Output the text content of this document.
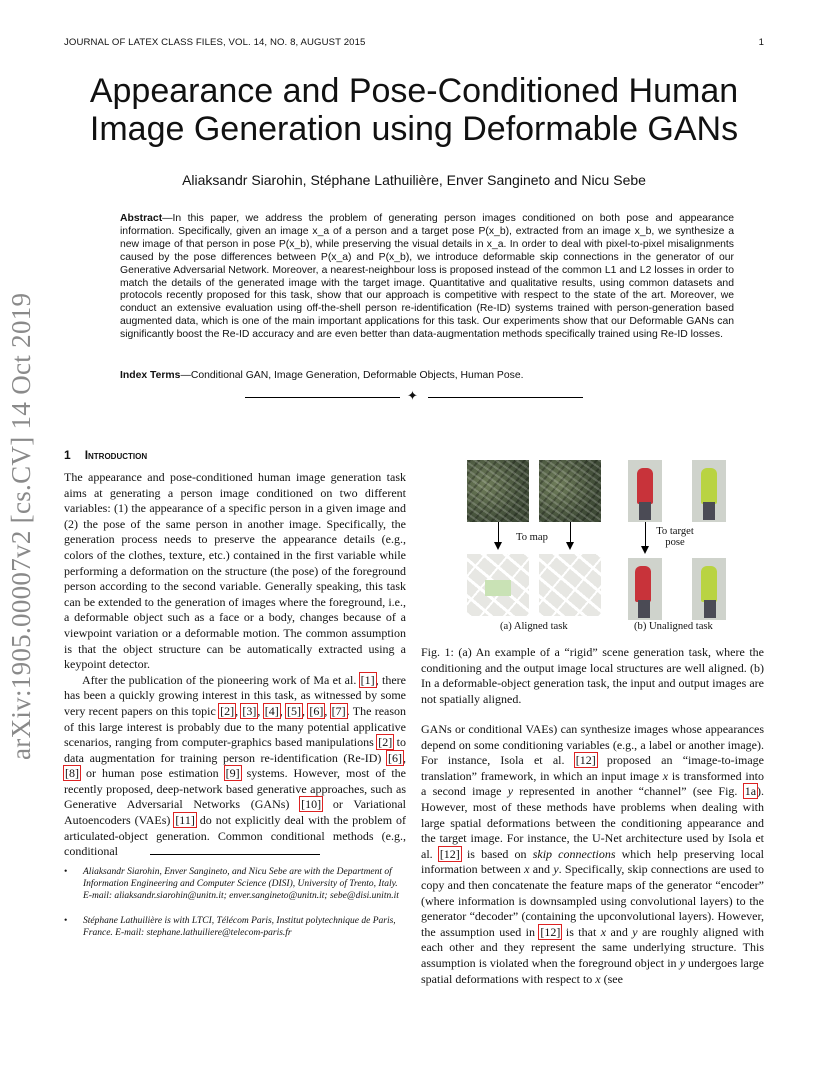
JOURNAL OF LATEX CLASS FILES, VOL. 14, NO. 8, AUGUST 2015	1
Appearance and Pose-Conditioned Human
Image Generation using Deformable GANs
Aliaksandr Siarohin, Stéphane Lathuilière, Enver Sangineto and Nicu Sebe
Abstract—In this paper, we address the problem of generating person images conditioned on both pose and appearance information. Specifically, given an image x_a of a person and a target pose P(x_b), extracted from an image x_b, we synthesize a new image of that person in pose P(x_b), while preserving the visual details in x_a. In order to deal with pixel-to-pixel misalignments caused by the pose differences between P(x_a) and P(x_b), we introduce deformable skip connections in the generator of our Generative Adversarial Network. Moreover, a nearest-neighbour loss is proposed instead of the common L1 and L2 losses in order to match the details of the generated image with the target image. Quantitative and qualitative results, using common datasets and protocols recently proposed for this task, show that our approach is competitive with respect to the state of the art. Moreover, we conduct an extensive evaluation using off-the-shell person re-identification (Re-ID) systems trained with person-generation based augmented data, which is one of the main important applications for this task. Our experiments show that our Deformable GANs can significantly boost the Re-ID accuracy and are even better than data-augmentation methods specifically trained using Re-ID losses.
Index Terms—Conditional GAN, Image Generation, Deformable Objects, Human Pose.
✦
arXiv:1905.00007v2 [cs.CV] 14 Oct 2019 1 Introduction

The appearance and pose-conditioned human image generation task aims at generating a person image conditioned on two different variables: (1) the appearance of a specific person in a given image and (2) the pose of the same person in another image. Specifically, the generation process needs to preserve the appearance details (e.g., colors of the clothes, texture, etc.) contained in the first variable while performing a deformation on the structure (the pose) of the foreground person according to the second variable. Generally speaking, this task can be extended to the generation of images where the foreground, i.e., a deformable object such as a face or a body, changes because of a viewpoint variation or a deformable motion. The common assumption is that the object structure can be automatically extracted using a keypoint detector.

After the publication of the pioneering work of Ma et al. [1], there has been a quickly growing interest in this task, as witnessed by some very recent papers on this topic [2], [3], [4], [5], [6], [7]. The reason of this large interest is probably due to the many potential applicative scenarios, ranging from computer-graphics based manipulations [2] to data augmentation for training person re-identification (Re-ID) [6], [8] or human pose estimation [9] systems. However, most of the recently proposed, deep-network based generative approaches, such as Generative Adversarial Networks (GANs) [10] or Variational Autoencoders (VAEs) [11] do not explicitly deal with the problem of articulated-object generation. Common conditional methods (e.g., conditional

• Aliaksandr Siarohin, Enver Sangineto, and Nicu Sebe are with the Department of Information Engineering and Computer Science (DISI), University of Trento, Italy. E-mail: aliaksandr.siarohin@unitn.it; enver.sangineto@unitn.it; sebe@disi.unitn.it
• Stéphane Lathuilière is with LTCI, Télécom Paris, Institut polytechnique de Paris, France. E-mail: stephane.lathuiliere@telecom-paris.fr
To map
To target
pose
(a) Aligned task	(b) Unaligned task
Fig. 1: (a) An example of a “rigid” scene generation task, where the conditioning and the output image local structures are well aligned. (b) In a deformable-object generation task, the input and output images are not spatially aligned.

GANs or conditional VAEs) can synthesize images whose appearances depend on some conditioning variables (e.g., a label or another image). For instance, Isola et al. [12] proposed an “image-to-image translation” framework, in which an input image x is transformed into a second image y represented in another “channel” (see Fig. 1a). However, most of these methods have problems when dealing with large spatial deformations between the conditioning appearance and the target image. For instance, the U-Net architecture used by Isola et al. [12] is based on skip connections which help preserving local information between x and y. Specifically, skip connections are used to copy and then concatenate the feature maps of the generator “encoder” (where information is downsampled using convolutional layers) to the generator “decoder” (containing the upconvolutional layers). However, the assumption used in [12] is that x and y are roughly aligned with each other and they represent the same underlying structure. This assumption is violated when the foreground object in y undergoes large spatial deformations with respect to x (see
